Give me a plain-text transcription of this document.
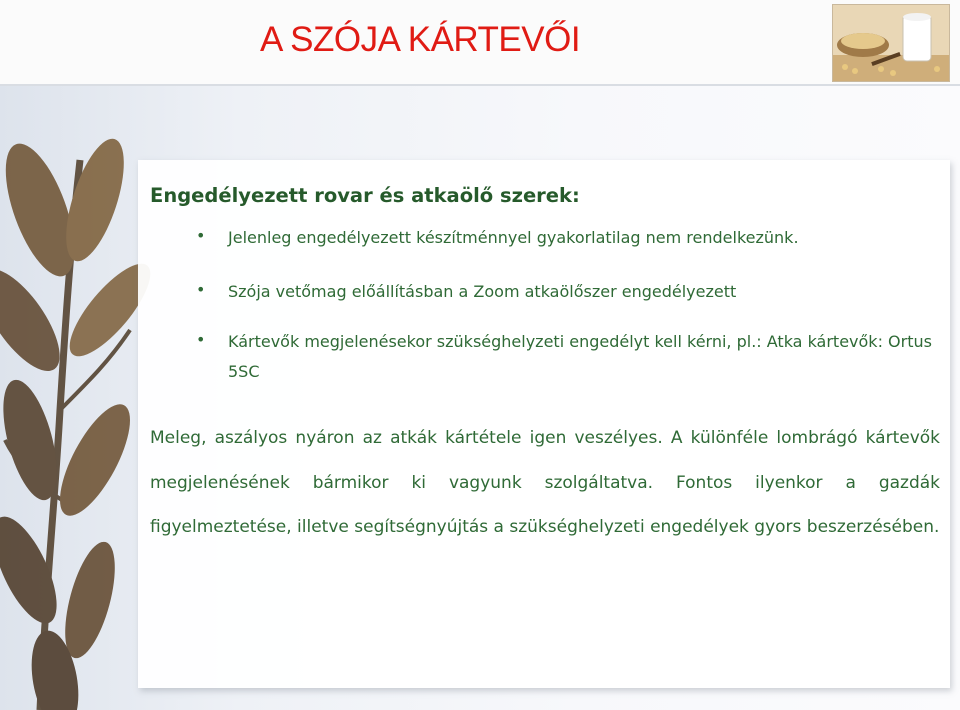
A SZÓJA KÁRTEVŐI
Engedélyezett rovar és atkaölő szerek:
• Jelenleg engedélyezett készítménnyel gyakorlatilag nem rendelkezünk.
• Szója vetőmag előállításban a Zoom atkaölőszer engedélyezett
• Kártevők megjelenésekor szükséghelyzeti engedélyt kell kérni, pl.: Atka kártevők: Ortus 5SC
Meleg, aszályos nyáron az atkák kártétele igen veszélyes. A különféle lombrágó kártevők megjelenésének bármikor ki vagyunk szolgáltatva. Fontos ilyenkor a gazdák figyelmeztetése, illetve segítségnyújtás a szükséghelyzeti engedélyek gyors beszerzésében.
